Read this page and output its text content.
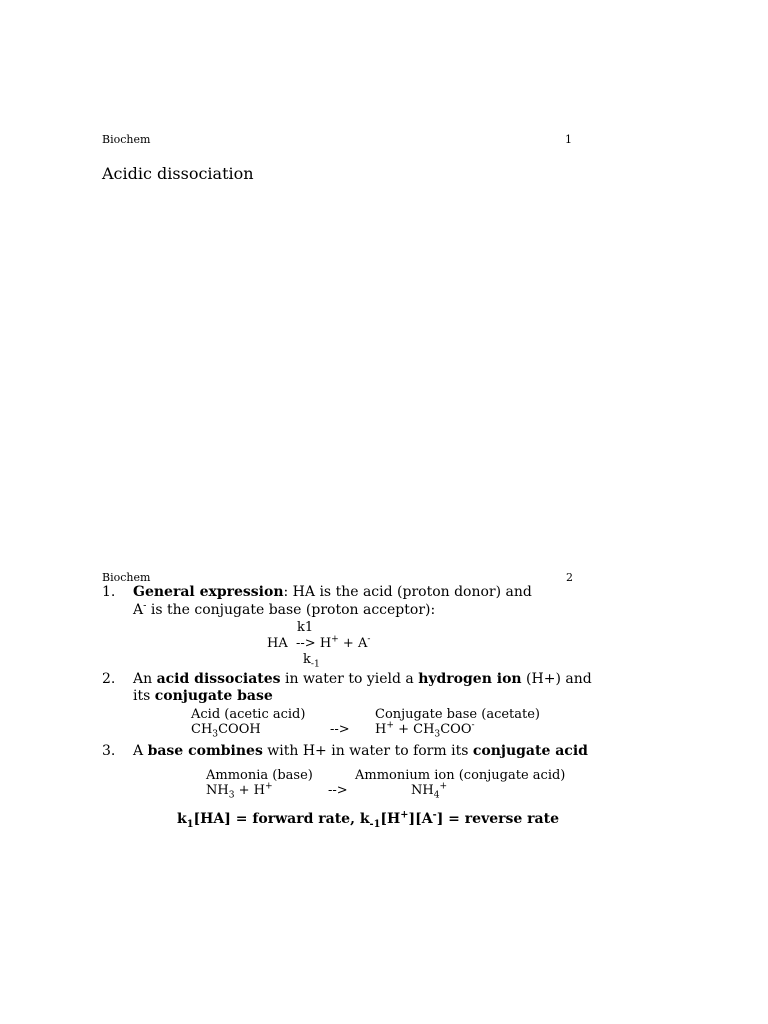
Biochem	1
Acidic dissociation
Biochem	2
1. General expression: HA is the acid (proton donor) and
A- is the conjugate base (proton acceptor):
k1
HA --> H+ + A-
$k_{-1}$
2. An acid dissociates in water to yield a hydrogen ion (H+) and
its conjugate base
Acid (acetic acid)	Conjugate base (acetate)
$CH_3COOH$	--> $H^+ + CH_3COO^-$
3. A base combines with H+ in water to form its conjugate acid
Ammonia (base)	Ammonium ion (conjugate acid)
$NH_3 + H^+$	-->	$NH_4^+$
$k_1[HA]$ = forward rate, $k_{-1}[H^+][A^-]$ = reverse rate
